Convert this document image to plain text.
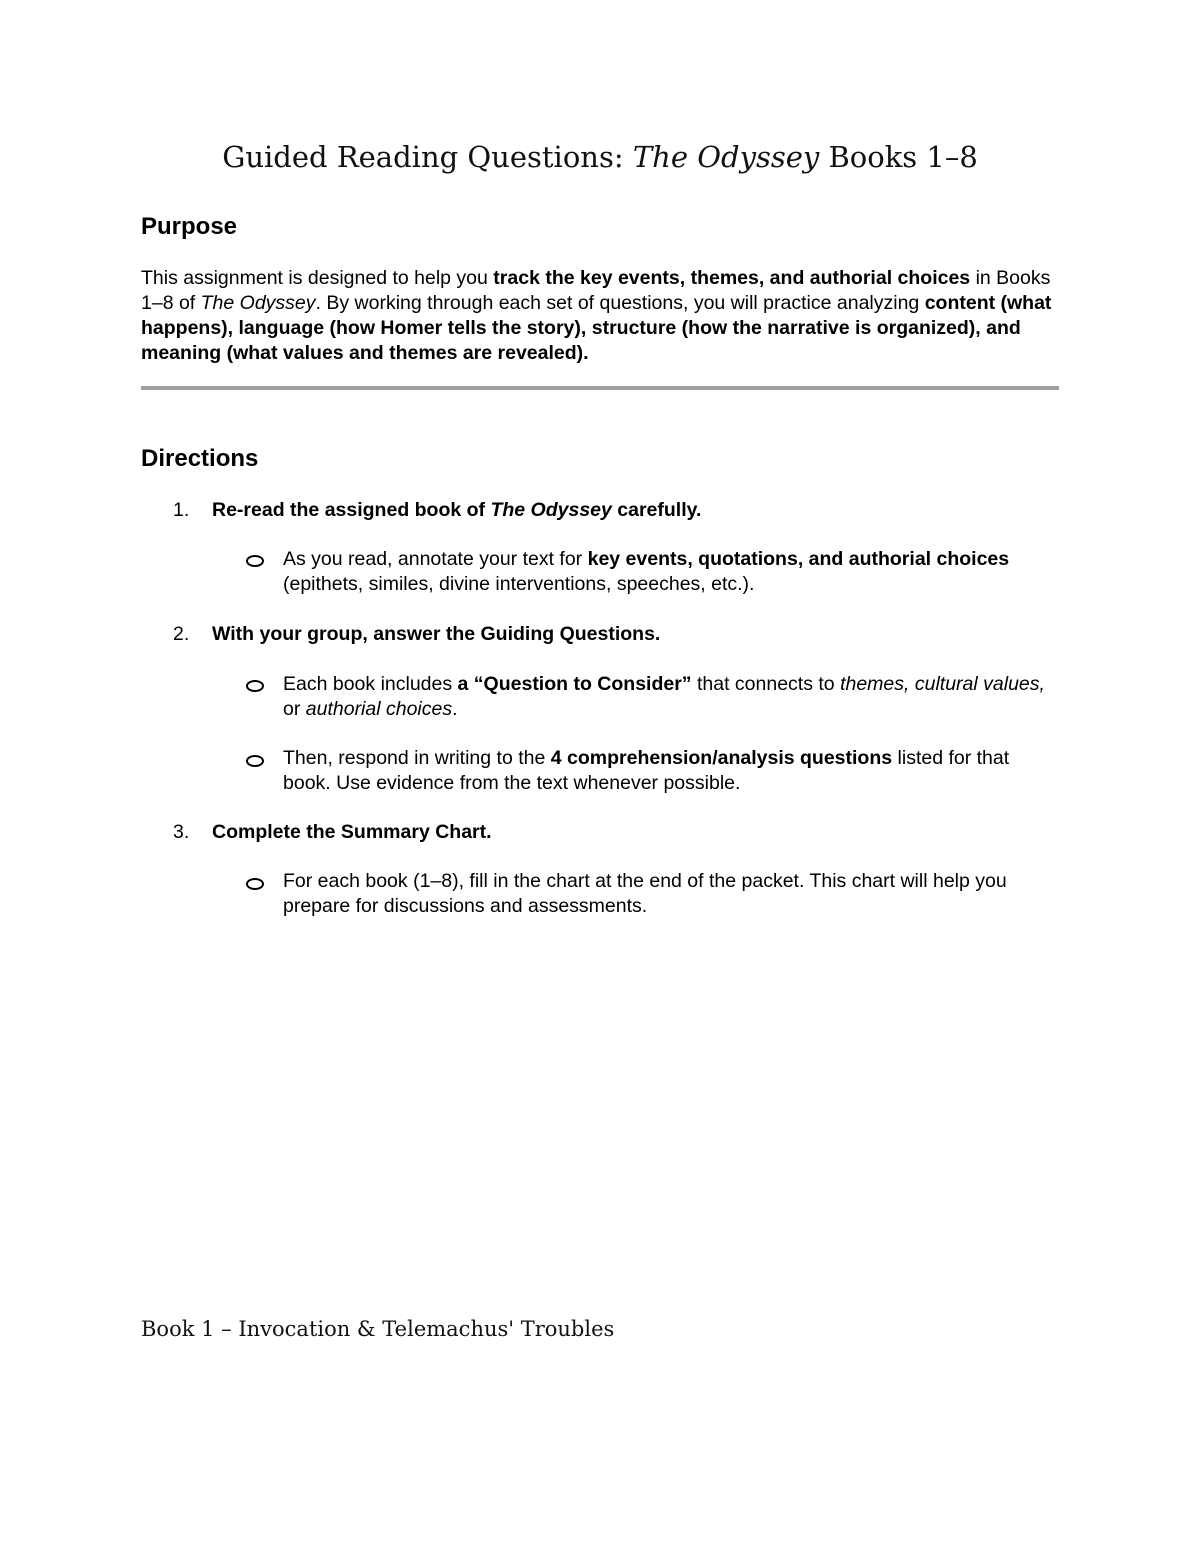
Guided Reading Questions: The Odyssey Books 1–8
Purpose
This assignment is designed to help you track the key events, themes, and authorial choices in Books 1–8 of The Odyssey. By working through each set of questions, you will practice analyzing content (what happens), language (how Homer tells the story), structure (how the narrative is organized), and meaning (what values and themes are revealed).
Directions
1. Re-read the assigned book of The Odyssey carefully.
As you read, annotate your text for key events, quotations, and authorial choices (epithets, similes, divine interventions, speeches, etc.).
2. With your group, answer the Guiding Questions.
Each book includes a “Question to Consider” that connects to themes, cultural values, or authorial choices.
Then, respond in writing to the 4 comprehension/analysis questions listed for that book. Use evidence from the text whenever possible.
3. Complete the Summary Chart.
For each book (1–8), fill in the chart at the end of the packet. This chart will help you prepare for discussions and assessments.
Book 1 – Invocation & Telemachus' Troubles
